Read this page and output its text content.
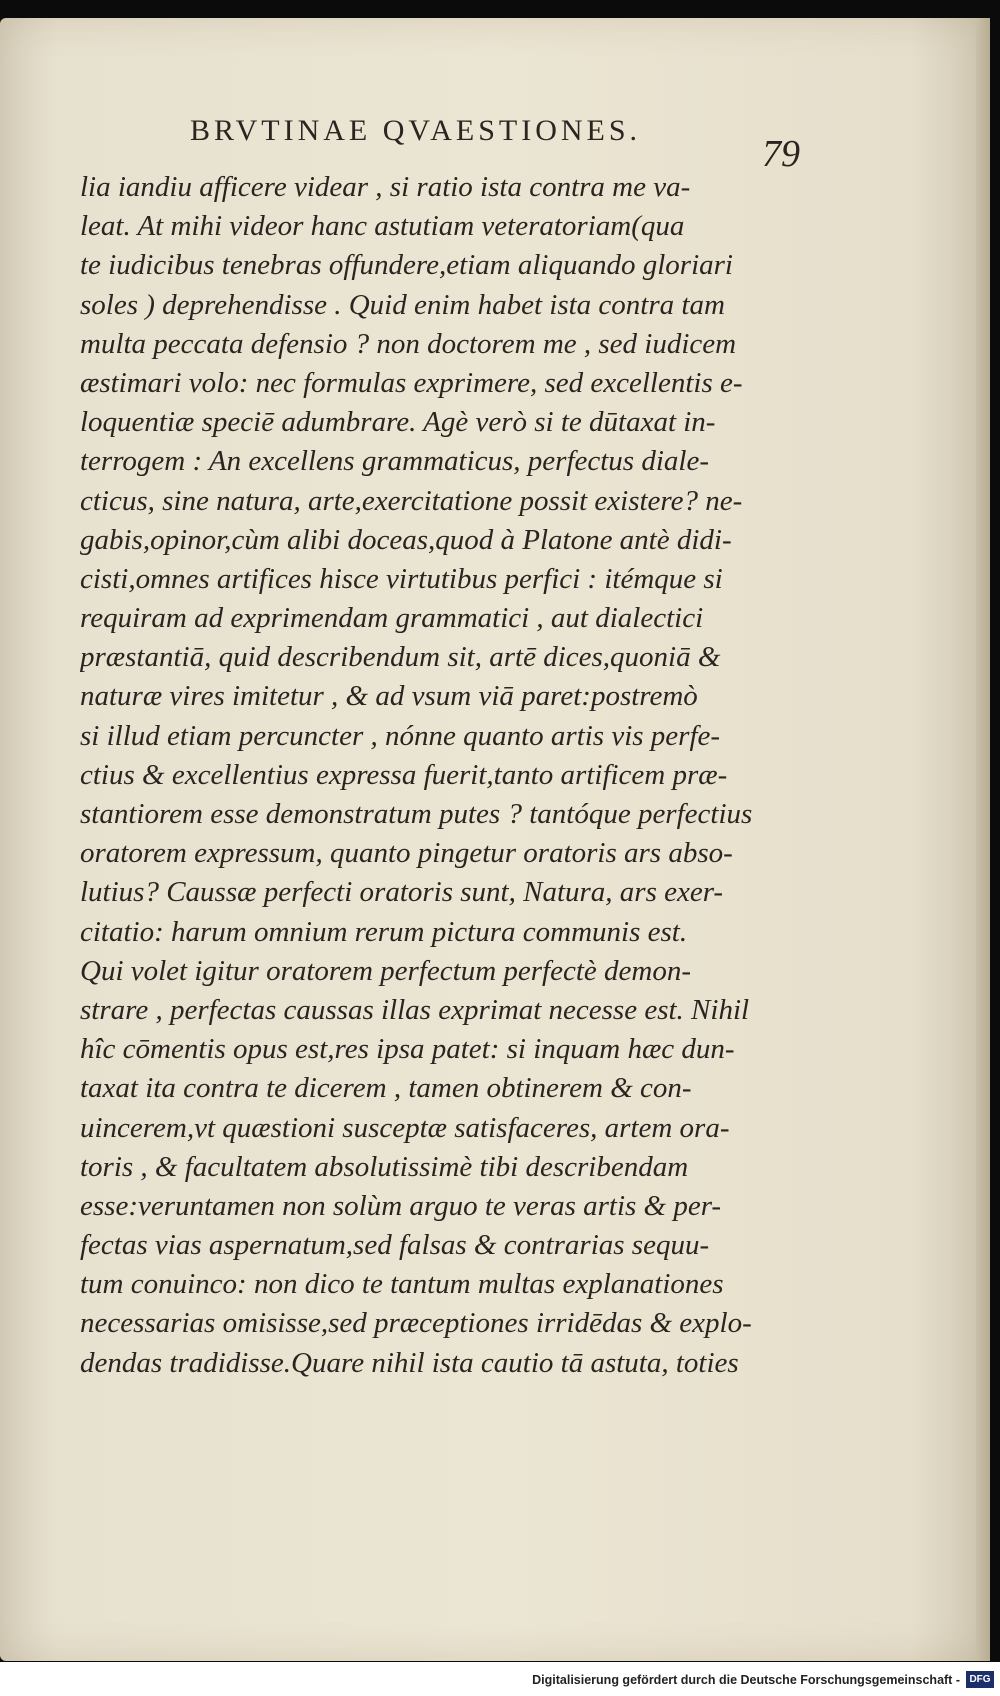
BRVTINAE QVAESTIONES.
79
lia iandiu afficere videar , si ratio ista contra me va-
leat. At mihi videor hanc astutiam veteratoriam(qua
te iudicibus tenebras offundere,etiam aliquando gloriari
soles ) deprehendisse . Quid enim habet ista contra tam
multa peccata defensio ? non doctorem me , sed iudicem
æstimari volo: nec formulas exprimere, sed excellentis e-
loquentiæ speciē adumbrare. Agè verò si te dūtaxat in-
terrogem : An excellens grammaticus, perfectus diale-
cticus, sine natura, arte,exercitatione possit existere? ne-
gabis,opinor,cùm alibi doceas,quod à Platone antè didi-
cisti,omnes artifices hisce virtutibus perfici : itémque si
requiram ad exprimendam grammatici , aut dialectici
præstantiā, quid describendum sit, artē dices,quoniā &
naturæ vires imitetur , & ad vsum viā paret:postremò
si illud etiam percuncter , nónne quanto artis vis perfe-
ctius & excellentius expressa fuerit,tanto artificem præ-
stantiorem esse demonstratum putes ? tantóque perfectius
oratorem expressum, quanto pingetur oratoris ars abso-
lutius? Caussæ perfecti oratoris sunt, Natura, ars exer-
citatio: harum omnium rerum pictura communis est.
Qui volet igitur oratorem perfectum perfectè demon-
strare , perfectas caussas illas exprimat necesse est. Nihil
hîc cōmentis opus est,res ipsa patet: si inquam hæc dun-
taxat ita contra te dicerem , tamen obtinerem & con-
uincerem,vt quæstioni susceptæ satisfaceres, artem ora-
toris , & facultatem absolutissimè tibi describendam
esse:veruntamen non solùm arguo te veras artis & per-
fectas vias aspernatum,sed falsas & contrarias sequu-
tum conuinco: non dico te tantum multas explanationes
necessarias omisisse,sed præceptiones irridēdas & explo-
dendas tradidisse.Quare nihil ista cautio tā astuta, toties
Digitalisierung gefördert durch die Deutsche Forschungsgemeinschaft - DFG
